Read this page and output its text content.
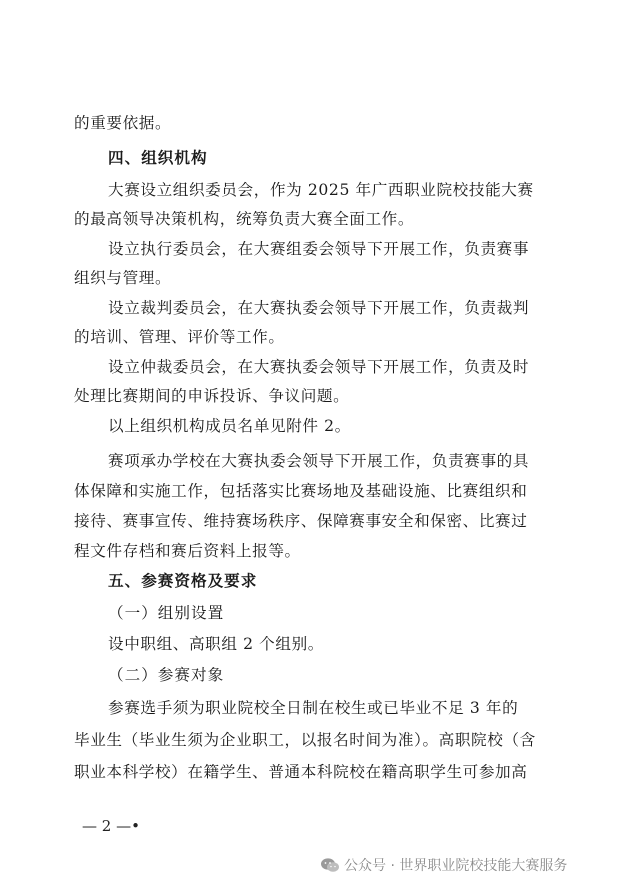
的重要依据。
四、组织机构
大赛设立组织委员会，作为 2025 年广西职业院校技能大赛
的最高领导决策机构，统筹负责大赛全面工作。
设立执行委员会，在大赛组委会领导下开展工作，负责赛事
组织与管理。
设立裁判委员会，在大赛执委会领导下开展工作，负责裁判
的培训、管理、评价等工作。
设立仲裁委员会，在大赛执委会领导下开展工作，负责及时
处理比赛期间的申诉投诉、争议问题。
以上组织机构成员名单见附件 2。
赛项承办学校在大赛执委会领导下开展工作，负责赛事的具
体保障和实施工作，包括落实比赛场地及基础设施、比赛组织和
接待、赛事宣传、维持赛场秩序、保障赛事安全和保密、比赛过
程文件存档和赛后资料上报等。
五、参赛资格及要求
（一）组别设置
设中职组、高职组 2 个组别。
（二）参赛对象
参赛选手须为职业院校全日制在校生或已毕业不足 3 年的
毕业生（毕业生须为企业职工，以报名时间为准）。高职院校（含
职业本科学校）在籍学生、普通本科院校在籍高职学生可参加高
— 2 —•
公众号 · 世界职业院校技能大赛服务
